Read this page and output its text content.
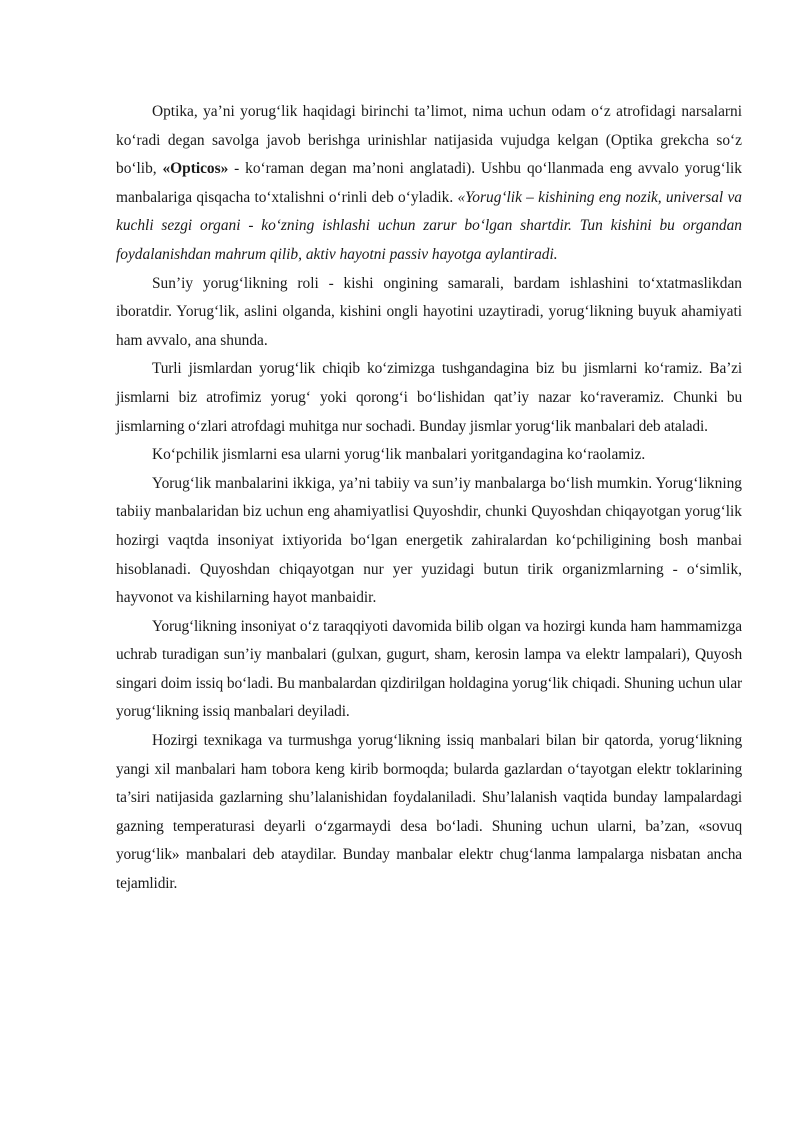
Optika, ya’ni yorug‘lik haqidagi birinchi ta’limot, nima uchun odam o‘z atrofidagi narsalarni ko‘radi degan savolga javob berishga urinishlar natijasida vujudga kelgan (Optika grekcha so‘z bo‘lib, «Opticos» - ko‘raman degan ma’noni anglatadi). Ushbu qo‘llanmada eng avvalo yorug‘lik manbalariga qisqacha to‘xtalishni o‘rinli deb o‘yladik. «Yorug‘lik – kishining eng nozik, universal va kuchli sezgi organi - ko‘zning ishlashi uchun zarur bo‘lgan shartdir. Tun kishini bu organdan foydalanishdan mahrum qilib, aktiv hayotni passiv hayotga aylantiradi.

Sun’iy yorug‘likning roli - kishi ongining samarali, bardam ishlashini to‘xtatmaslikdan iboratdir. Yorug‘lik, aslini olganda, kishini ongli hayotini uzaytiradi, yorug‘likning buyuk ahamiyati ham avvalo, ana shunda.

Turli jismlardan yorug‘lik chiqib ko‘zimizga tushgandagina biz bu jismlarni ko‘ramiz. Ba’zi jismlarni biz atrofimiz yorug‘ yoki qorong‘i bo‘lishidan qat’iy nazar ko‘raveramiz. Chunki bu jismlarning o‘zlari atrofdagi muhitga nur sochadi. Bunday jismlar yorug‘lik manbalari deb ataladi.

Ko‘pchilik jismlarni esa ularni yorug‘lik manbalari yoritgandagina ko‘raolamiz.

Yorug‘lik manbalarini ikkiga, ya’ni tabiiy va sun’iy manbalarga bo‘lish mumkin. Yorug‘likning tabiiy manbalaridan biz uchun eng ahamiyatlisi Quyoshdir, chunki Quyoshdan chiqayotgan yorug‘lik hozirgi vaqtda insoniyat ixtiyorida bo‘lgan energetik zahiralardan ko‘pchiligining bosh manbai hisoblanadi. Quyoshdan chiqayotgan nur yer yuzidagi butun tirik organizmlarning - o‘simlik, hayvonot va kishilarning hayot manbaidir.

Yorug‘likning insoniyat o‘z taraqqiyoti davomida bilib olgan va hozirgi kunda ham hammamizga uchrab turadigan sun’iy manbalari (gulxan, gugurt, sham, kerosin lampa va elektr lampalari), Quyosh singari doim issiq bo‘ladi. Bu manbalardan qizdirilgan holdagina yorug‘lik chiqadi. Shuning uchun ular yorug‘likning issiq manbalari deyiladi.

Hozirgi texnikaga va turmushga yorug‘likning issiq manbalari bilan bir qatorda, yorug‘likning yangi xil manbalari ham tobora keng kirib bormoqda; bularda gazlardan o‘tayotgan elektr toklarining ta’siri natijasida gazlarning shu’lalanishidan foydalaniladi. Shu’lalanish vaqtida bunday lampalardagi gazning temperaturasi deyarli o‘zgarmaydi desa bo‘ladi. Shuning uchun ularni, ba’zan, «sovuq yorug‘lik» manbalari deb ataydilar. Bunday manbalar elektr chug‘lanma lampalarga nisbatan ancha tejamlidir.
